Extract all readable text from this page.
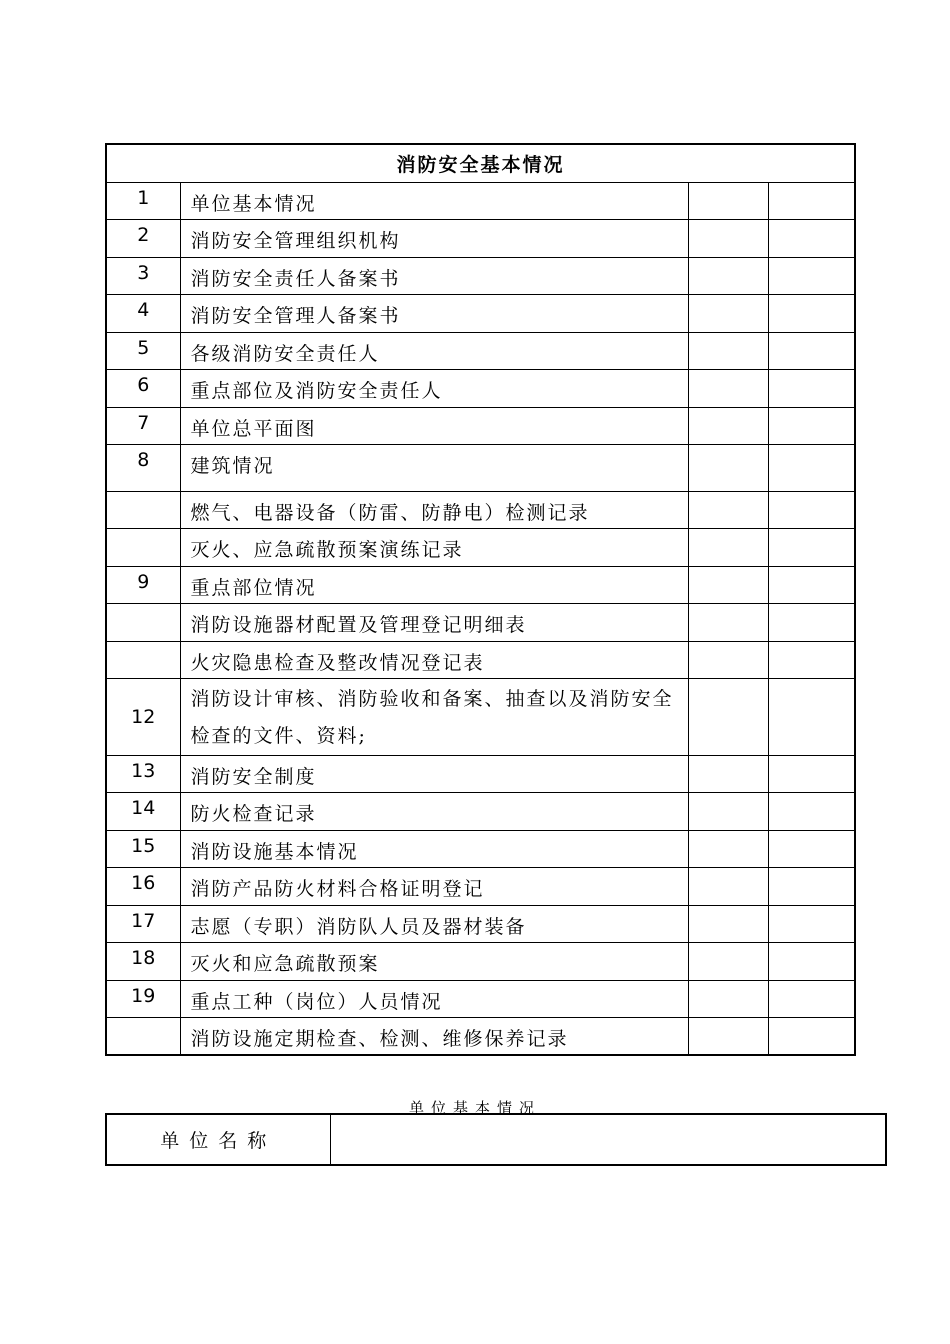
消防安全基本情况			
1	单位基本情况		
2	消防安全管理组织机构		
3	消防安全责任人备案书		
4	消防安全管理人备案书		
5	各级消防安全责任人		
6	重点部位及消防安全责任人		
7	单位总平面图		
8	建筑情况		
	燃气、电器设备（防雷、防静电）检测记录		
	灭火、应急疏散预案演练记录		
9	重点部位情况		
	消防设施器材配置及管理登记明细表		
	火灾隐患检查及整改情况登记表		
12	消防设计审核、消防验收和备案、抽查以及消防安全检查的文件、资料;		
13	消防安全制度		
14	防火检查记录		
15	消防设施基本情况		
16	消防产品防火材料合格证明登记		
17	志愿（专职）消防队人员及器材装备		
18	灭火和应急疏散预案		
19	重点工种（岗位）人员情况		
	消防设施定期检查、检测、维修保养记录		
单位基本情况
单位名称	
